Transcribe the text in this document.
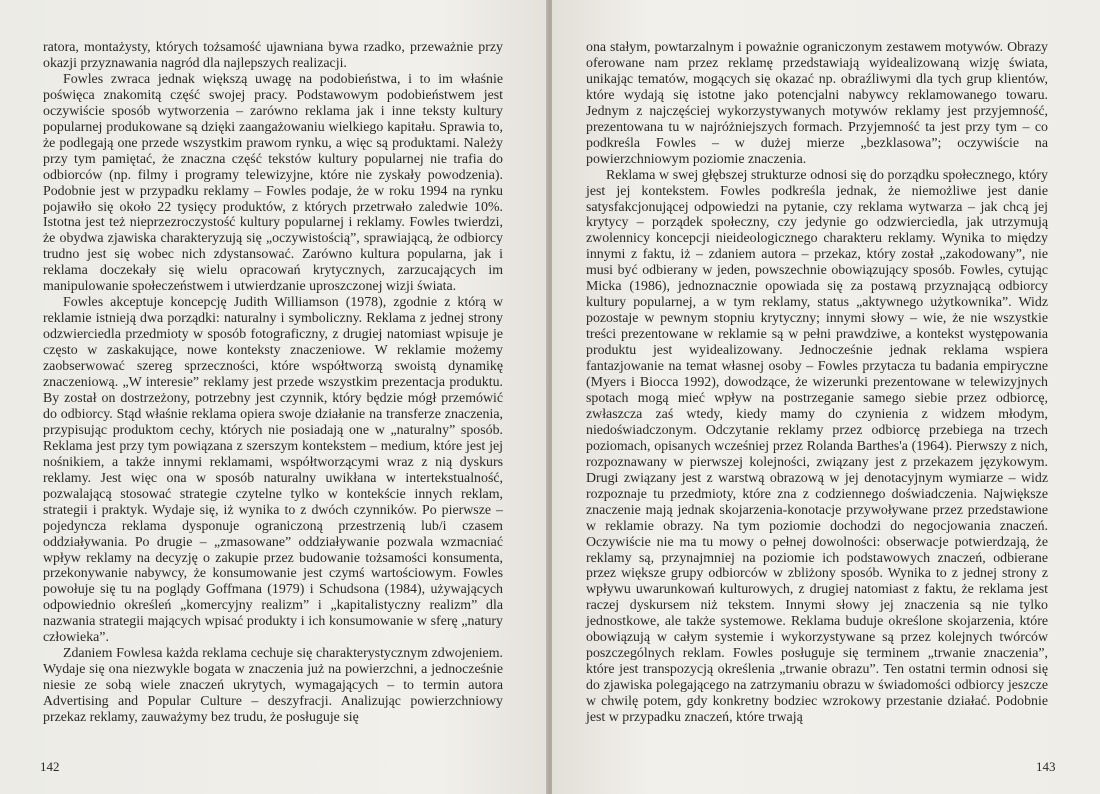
ratora, montażysty, których tożsamość ujawniana bywa rzadko, przeważnie przy okazji przyznawania nagród dla najlepszych realizacji.

Fowles zwraca jednak większą uwagę na podobieństwa, i to im właśnie poświęca znakomitą część swojej pracy. Podstawowym podobieństwem jest oczywiście sposób wytworzenia – zarówno reklama jak i inne teksty kultury popularnej produkowane są dzięki zaangażowaniu wielkiego kapitału. Sprawia to, że podlegają one przede wszystkim prawom rynku, a więc są produktami. Należy przy tym pamiętać, że znaczna część tekstów kultury popularnej nie trafia do odbiorców (np. filmy i programy telewizyjne, które nie zyskały powodzenia). Podobnie jest w przypadku reklamy – Fowles podaje, że w roku 1994 na rynku pojawiło się około 22 tysięcy produktów, z których przetrwało zaledwie 10%. Istotna jest też nieprzezroczystość kultury popularnej i reklamy. Fowles twierdzi, że obydwa zjawiska charakteryzują się „oczywistością”, sprawiającą, że odbiorcy trudno jest się wobec nich zdystansować. Zarówno kultura popularna, jak i reklama doczekały się wielu opracowań krytycznych, zarzucających im manipulowanie społeczeństwem i utwierdzanie uproszczonej wizji świata.

Fowles akceptuje koncepcję Judith Williamson (1978), zgodnie z którą w reklamie istnieją dwa porządki: naturalny i symboliczny. Reklama z jednej strony odzwierciedla przedmioty w sposób fotograficzny, z drugiej natomiast wpisuje je często w zaskakujące, nowe konteksty znaczeniowe. W reklamie możemy zaobserwować szereg sprzeczności, które współtworzą swoistą dynamikę znaczeniową. „W interesie” reklamy jest przede wszystkim prezentacja produktu. By został on dostrzeżony, potrzebny jest czynnik, który będzie mógł przemówić do odbiorcy. Stąd właśnie reklama opiera swoje działanie na transferze znaczenia, przypisując produktom cechy, których nie posiadają one w „naturalny” sposób. Reklama jest przy tym powiązana z szerszym kontekstem – medium, które jest jej nośnikiem, a także innymi reklamami, współtworzącymi wraz z nią dyskurs reklamy. Jest więc ona w sposób naturalny uwikłana w intertekstualność, pozwalającą stosować strategie czytelne tylko w kontekście innych reklam, strategii i praktyk. Wydaje się, iż wynika to z dwóch czynników. Po pierwsze – pojedyncza reklama dysponuje ograniczoną przestrzenią lub/i czasem oddziaływania. Po drugie – „zmasowane” oddziaływanie pozwala wzmacniać wpływ reklamy na decyzję o zakupie przez budowanie tożsamości konsumenta, przekonywanie nabywcy, że konsumowanie jest czymś wartościowym. Fowles powołuje się tu na poglądy Goffmana (1979) i Schudsona (1984), używających odpowiednio określeń „komercyjny realizm” i „kapitalistyczny realizm” dla nazwania strategii mających wpisać produkty i ich konsumowanie w sferę „natury człowieka”.

Zdaniem Fowlesa każda reklama cechuje się charakterystycznym zdwojeniem. Wydaje się ona niezwykle bogata w znaczenia już na powierzchni, a jednocześnie niesie ze sobą wiele znaczeń ukrytych, wymagających – to termin autora Advertising and Popular Culture – deszyfracji. Analizując powierzchniowy przekaz reklamy, zauważymy bez trudu, że posługuje się

142

ona stałym, powtarzalnym i poważnie ograniczonym zestawem motywów. Obrazy oferowane nam przez reklamę przedstawiają wyidealizowaną wizję świata, unikając tematów, mogących się okazać np. obraźliwymi dla tych grup klientów, które wydają się istotne jako potencjalni nabywcy reklamowanego towaru. Jednym z najczęściej wykorzystywanych motywów reklamy jest przyjemność, prezentowana tu w najróżniejszych formach. Przyjemność ta jest przy tym – co podkreśla Fowles – w dużej mierze „bezklasowa”; oczywiście na powierzchniowym poziomie znaczenia.

Reklama w swej głębszej strukturze odnosi się do porządku społecznego, który jest jej kontekstem. Fowles podkreśla jednak, że niemożliwe jest danie satysfakcjonującej odpowiedzi na pytanie, czy reklama wytwarza – jak chcą jej krytycy – porządek społeczny, czy jedynie go odzwierciedla, jak utrzymują zwolennicy koncepcji nieideologicznego charakteru reklamy. Wynika to między innymi z faktu, iż – zdaniem autora – przekaz, który został „zakodowany”, nie musi być odbierany w jeden, powszechnie obowiązujący sposób. Fowles, cytując Micka (1986), jednoznacznie opowiada się za postawą przyznającą odbiorcy kultury popularnej, a w tym reklamy, status „aktywnego użytkownika”. Widz pozostaje w pewnym stopniu krytyczny; innymi słowy – wie, że nie wszystkie treści prezentowane w reklamie są w pełni prawdziwe, a kontekst występowania produktu jest wyidealizowany. Jednocześnie jednak reklama wspiera fantazjowanie na temat własnej osoby – Fowles przytacza tu badania empiryczne (Myers i Biocca 1992), dowodzące, że wizerunki prezentowane w telewizyjnych spotach mogą mieć wpływ na postrzeganie samego siebie przez odbiorcę, zwłaszcza zaś wtedy, kiedy mamy do czynienia z widzem młodym, niedoświadczonym. Odczytanie reklamy przez odbiorcę przebiega na trzech poziomach, opisanych wcześniej przez Rolanda Barthes'a (1964). Pierwszy z nich, rozpoznawany w pierwszej kolejności, związany jest z przekazem językowym. Drugi związany jest z warstwą obrazową w jej denotacyjnym wymiarze – widz rozpoznaje tu przedmioty, które zna z codziennego doświadczenia. Największe znaczenie mają jednak skojarzenia-konotacje przywoływane przez przedstawione w reklamie obrazy. Na tym poziomie dochodzi do negocjowania znaczeń. Oczywiście nie ma tu mowy o pełnej dowolności: obserwacje potwierdzają, że reklamy są, przynajmniej na poziomie ich podstawowych znaczeń, odbierane przez większe grupy odbiorców w zbliżony sposób. Wynika to z jednej strony z wpływu uwarunkowań kulturowych, z drugiej natomiast z faktu, że reklama jest raczej dyskursem niż tekstem. Innymi słowy jej znaczenia są nie tylko jednostkowe, ale także systemowe. Reklama buduje określone skojarzenia, które obowiązują w całym systemie i wykorzystywane są przez kolejnych twórców poszczególnych reklam. Fowles posługuje się terminem „trwanie znaczenia”, które jest transpozycją określenia „trwanie obrazu”. Ten ostatni termin odnosi się do zjawiska polegającego na zatrzymaniu obrazu w świadomości odbiorcy jeszcze w chwilę potem, gdy konkretny bodziec wzrokowy przestanie działać. Podobnie jest w przypadku znaczeń, które trwają

143
